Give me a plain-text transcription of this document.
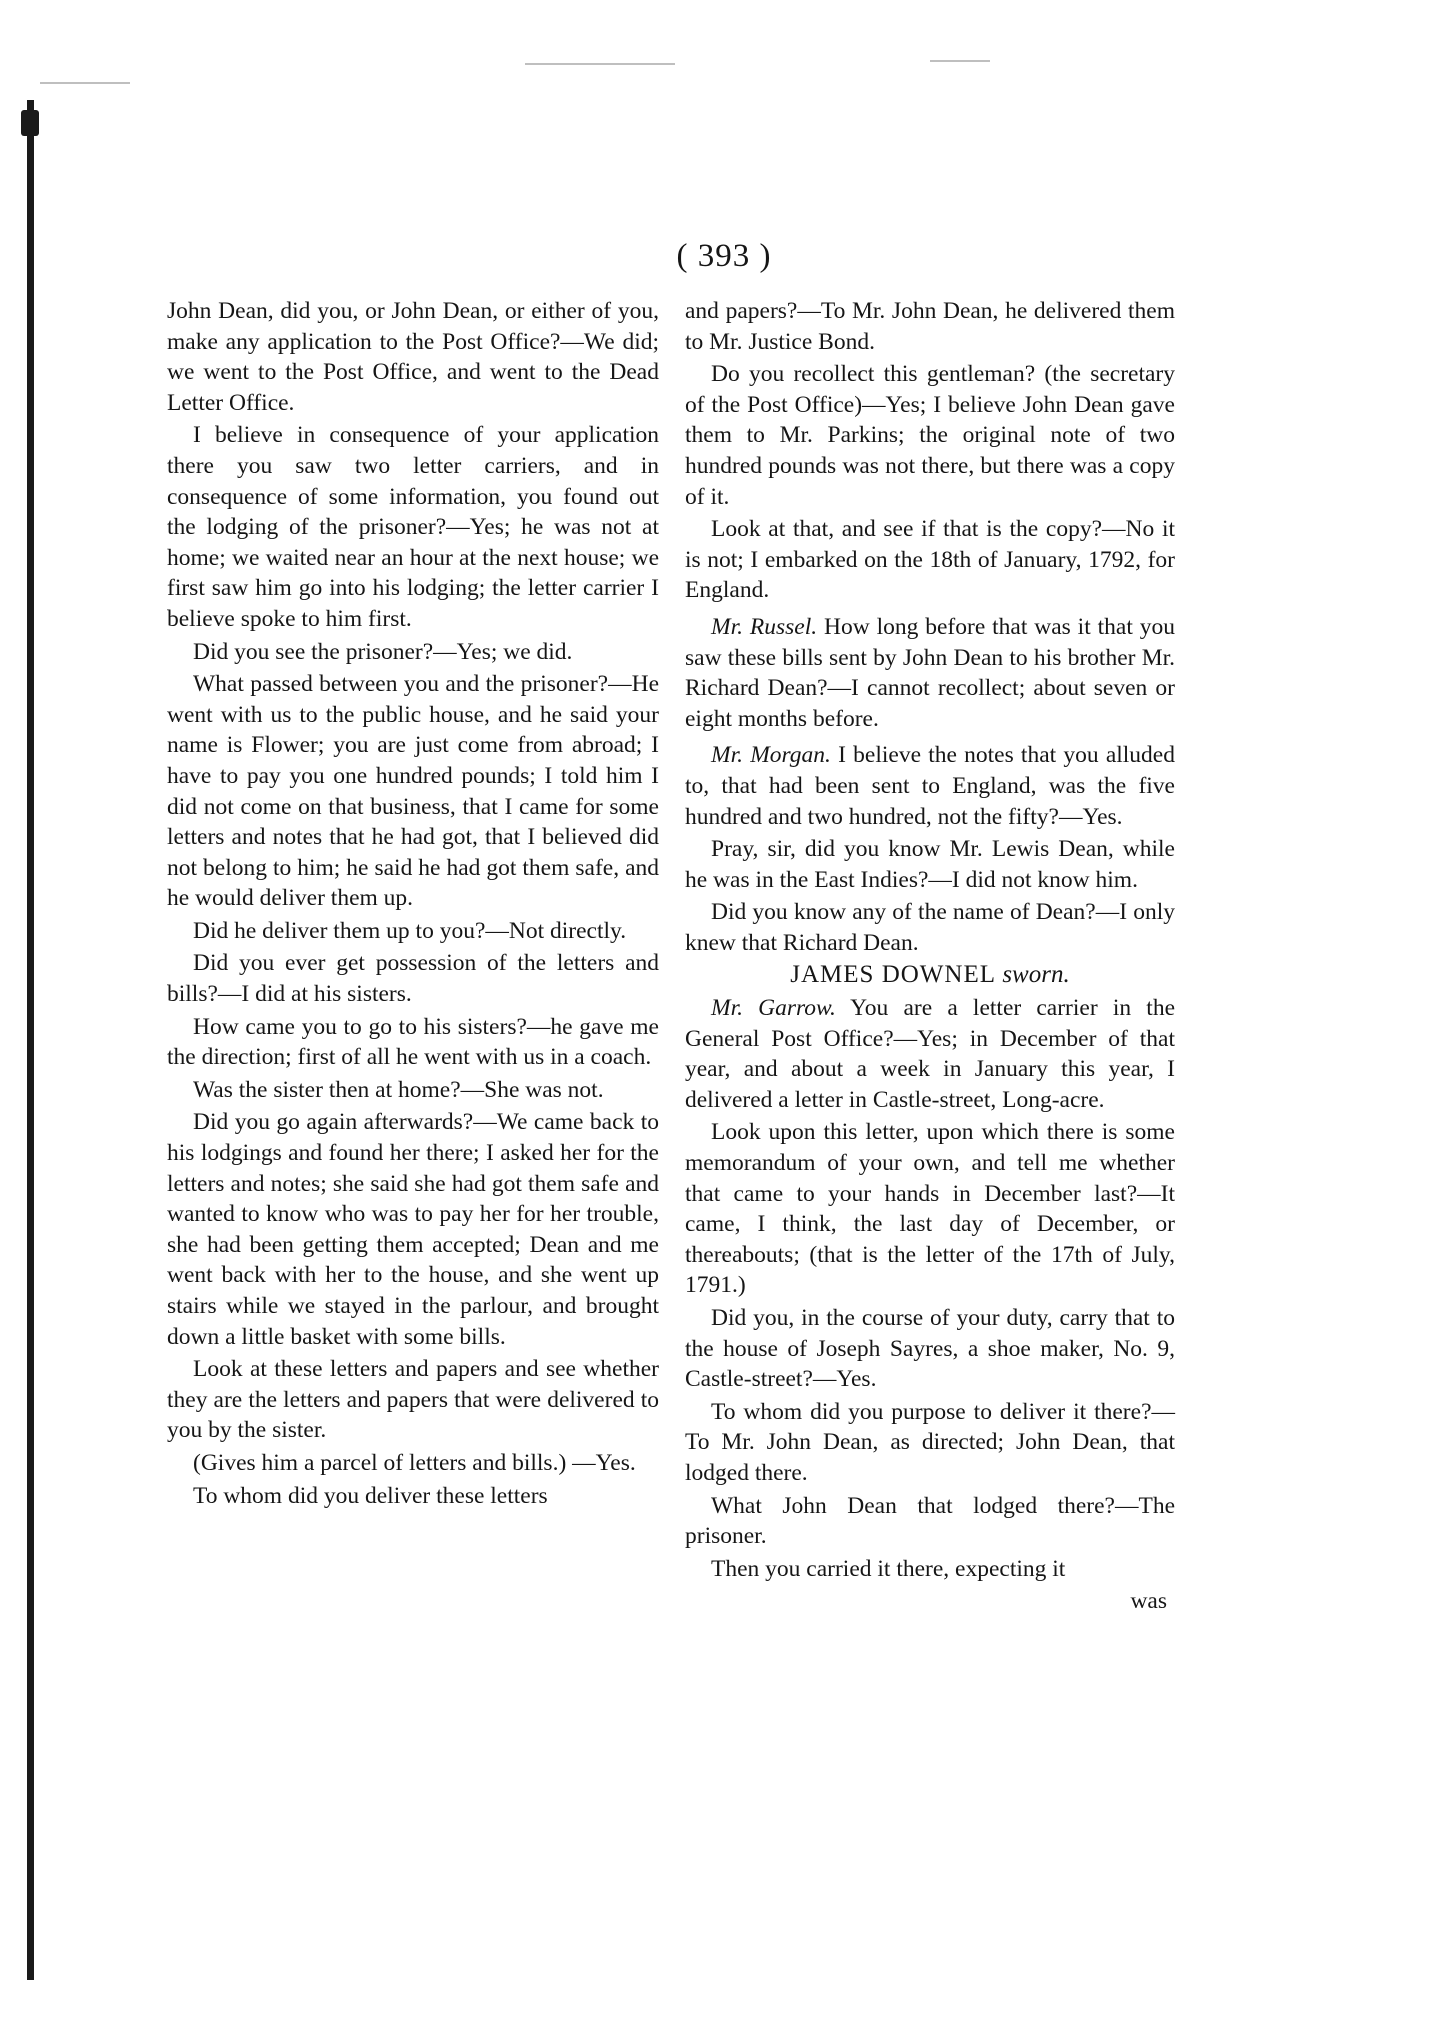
( 393 )

John Dean, did you, or John Dean, or either of you, make any application to the Post Office?—We did; we went to the Post Office, and went to the Dead Letter Office.

I believe in consequence of your application there you saw two letter carriers, and in consequence of some information, you found out the lodging of the prisoner?—Yes; he was not at home; we waited near an hour at the next house; we first saw him go into his lodging; the letter carrier I believe spoke to him first.

Did you see the prisoner?—Yes; we did.

What passed between you and the prisoner?—He went with us to the public house, and he said your name is Flower; you are just come from abroad; I have to pay you one hundred pounds; I told him I did not come on that business, that I came for some letters and notes that he had got, that I believed did not belong to him; he said he had got them safe, and he would deliver them up.

Did he deliver them up to you?—Not directly.

Did you ever get possession of the letters and bills?—I did at his sisters.

How came you to go to his sisters?—he gave me the direction; first of all he went with us in a coach.

Was the sister then at home?—She was not.

Did you go again afterwards?—We came back to his lodgings and found her there; I asked her for the letters and notes; she said she had got them safe and wanted to know who was to pay her for her trouble, she had been getting them accepted; Dean and me went back with her to the house, and she went up stairs while we stayed in the parlour, and brought down a little basket with some bills.

Look at these letters and papers and see whether they are the letters and papers that were delivered to you by the sister.

(Gives him a parcel of letters and bills.) —Yes.

To whom did you deliver these letters

and papers?—To Mr. John Dean, he delivered them to Mr. Justice Bond.

Do you recollect this gentleman? (the secretary of the Post Office)—Yes; I believe John Dean gave them to Mr. Parkins; the original note of two hundred pounds was not there, but there was a copy of it.

Look at that, and see if that is the copy?—No it is not; I embarked on the 18th of January, 1792, for England.

Mr. Russel. How long before that was it that you saw these bills sent by John Dean to his brother Mr. Richard Dean?—I cannot recollect; about seven or eight months before.

Mr. Morgan. I believe the notes that you alluded to, that had been sent to England, was the five hundred and two hundred, not the fifty?—Yes.

Pray, sir, did you know Mr. Lewis Dean, while he was in the East Indies?—I did not know him.

Did you know any of the name of Dean?—I only knew that Richard Dean.

JAMES DOWNEL sworn.

Mr. Garrow. You are a letter carrier in the General Post Office?—Yes; in December of that year, and about a week in January this year, I delivered a letter in Castle-street, Long-acre.

Look upon this letter, upon which there is some memorandum of your own, and tell me whether that came to your hands in December last?—It came, I think, the last day of December, or thereabouts; (that is the letter of the 17th of July, 1791.)

Did you, in the course of your duty, carry that to the house of Joseph Sayres, a shoe maker, No. 9, Castle-street?—Yes.

To whom did you purpose to deliver it there?—To Mr. John Dean, as directed; John Dean, that lodged there.

What John Dean that lodged there?—The prisoner.

Then you carried it there, expecting it

was
